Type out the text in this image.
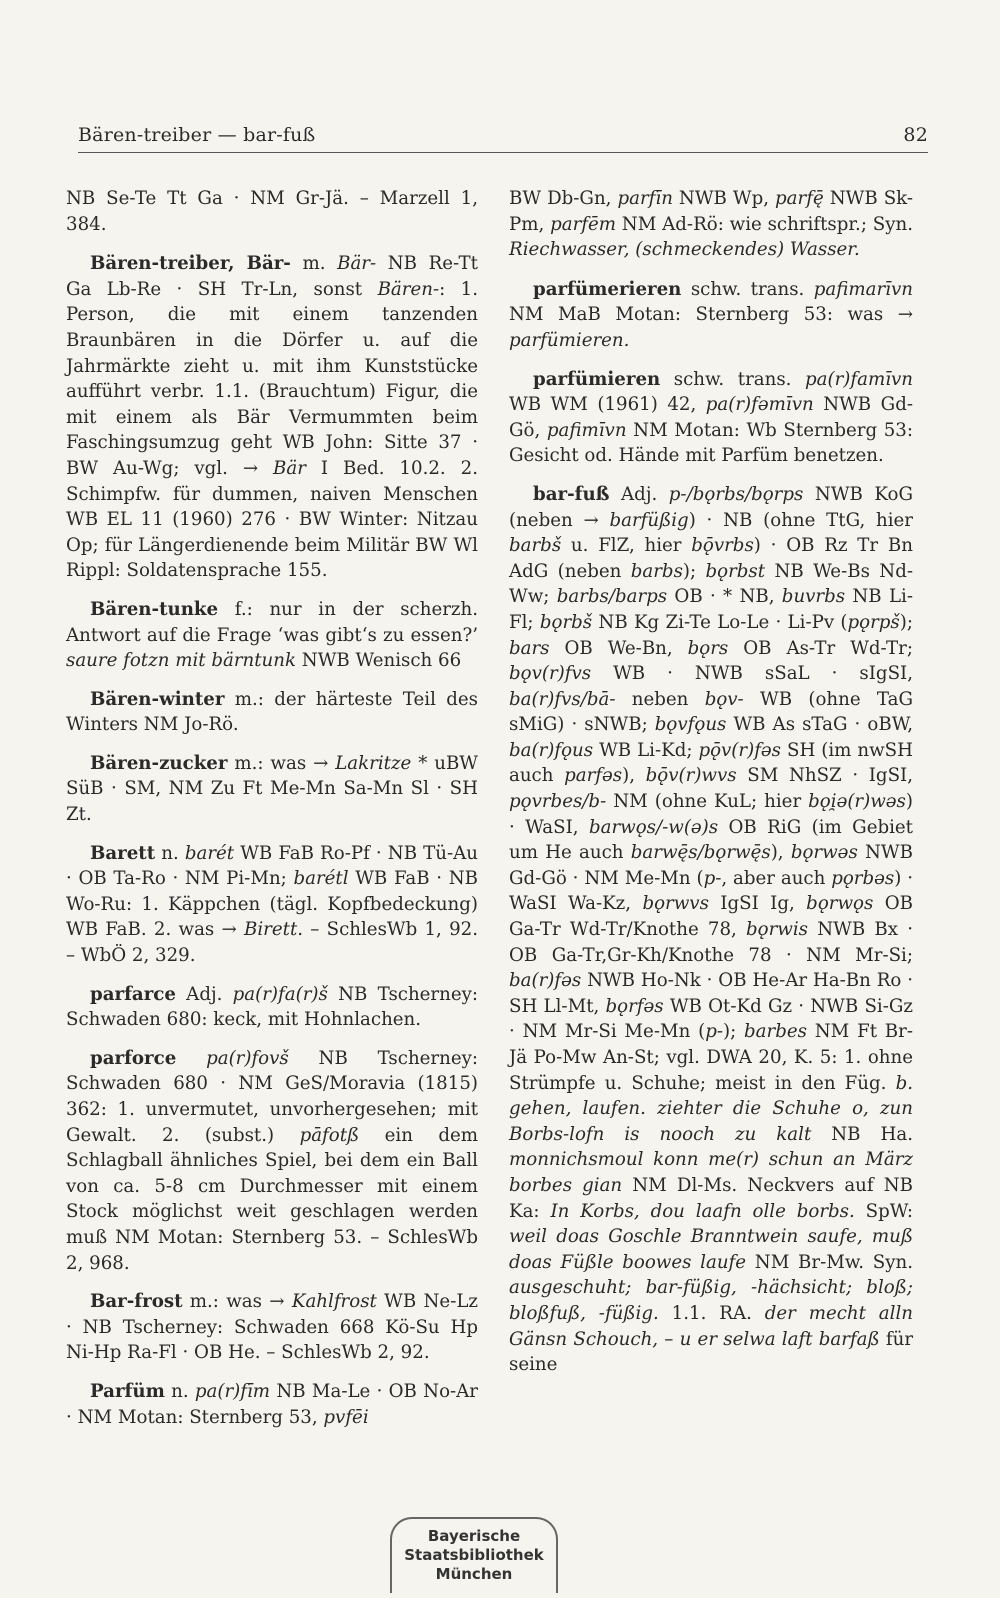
Bären-treiber — bar-fuß	82

NB Se-Te Tt Ga · NM Gr-Jä. – Marzell 1, 384.

Bären-treiber, Bär- m. Bär- NB Re-Tt Ga Lb-Re · SH Tr-Ln, sonst Bären-: 1. Person, die mit einem tanzenden Braunbären in die Dörfer u. auf die Jahrmärkte zieht u. mit ihm Kunststücke aufführt verbr. 1.1. (Brauchtum) Figur, die mit einem als Bär Vermummten beim Faschingsumzug geht WB John: Sitte 37 · BW Au-Wg; vgl. → Bär I Bed. 10.2. 2. Schimpfw. für dummen, naiven Menschen WB EL 11 (1960) 276 · BW Winter: Nitzau Op; für Längerdienende beim Militär BW Wl Rippl: Soldatensprache 155.

Bären-tunke f.: nur in der scherzh. Antwort auf die Frage ‘was gibt‘s zu essen?’ saure fotzn mit bärntunk NWB Wenisch 66

Bären-winter m.: der härteste Teil des Winters NM Jo-Rö.

Bären-zucker m.: was → Lakritze * uBW SüB · SM, NM Zu Ft Me-Mn Sa-Mn Sl · SH Zt.

Barett n. barét WB FaB Ro-Pf · NB Tü-Au · OB Ta-Ro · NM Pi-Mn; barétl WB FaB · NB Wo-Ru: 1. Käppchen (tägl. Kopfbedeckung) WB FaB. 2. was → Birett. – SchlesWb 1, 92. – WbÖ 2, 329.

parfarce Adj. pa(r)fa(r)š NB Tscherney: Schwaden 680: keck, mit Hohnlachen.

parforce pa(r)fovš NB Tscherney: Schwaden 680 · NM GeS/Moravia (1815) 362: 1. unvermutet, unvorhergesehen; mit Gewalt. 2. (subst.) pāfotß ein dem Schlagball ähnliches Spiel, bei dem ein Ball von ca. 5-8 cm Durchmesser mit einem Stock möglichst weit geschlagen werden muß NM Motan: Sternberg 53. – SchlesWb 2, 968.

Bar-frost m.: was → Kahlfrost WB Ne-Lz · NB Tscherney: Schwaden 668 Kö-Su Hp Ni-Hp Ra-Fl · OB He. – SchlesWb 2, 92.

Parfüm n. pa(r)fīm NB Ma-Le · OB No-Ar · NM Motan: Sternberg 53, pvfēi

BW Db-Gn, parfīn NWB Wp, parfę̄ NWB Sk-Pm, parfēm NM Ad-Rö: wie schriftspr.; Syn. Riechwasser, (schmeckendes) Wasser.

parfümerieren schw. trans. pafimarīvn NM MaB Motan: Sternberg 53: was → parfümieren.

parfümieren schw. trans. pa(r)famīvn WB WM (1961) 42, pa(r)fəmīvn NWB Gd-Gö, pafimīvn NM Motan: Wb Sternberg 53: Gesicht od. Hände mit Parfüm benetzen.

bar-fuß Adj. p-/bǫrbs/bǫrps NWB KoG (neben → barfüßig) · NB (ohne TtG, hier barbš u. FlZ, hier bǭvrbs) · OB Rz Tr Bn AdG (neben barbs); bǫrbst NB We-Bs Nd-Ww; barbs/barps OB · * NB, buvrbs NB Li-Fl; bǫrbš NB Kg Zi-Te Lo-Le · Li-Pv (pǫrpš); bars OB We-Bn, bǫrs OB As-Tr Wd-Tr; bǫv(r)fvs WB · NWB sSaL · sIgSI, ba(r)fvs/bā- neben bǫv- WB (ohne TaG sMiG) · sNWB; bǫvfǫus WB As sTaG · oBW, ba(r)fǫus WB Li-Kd; pǭv(r)fəs SH (im nwSH auch parfəs), bǭv(r)wvs SM NhSZ · IgSI, pǫvrbes/b- NM (ohne KuL; hier bǫi̯ə(r)wəs) · WaSI, barwǫs/-w(ə)s OB RiG (im Gebiet um He auch barwę̄s/bǫrwę̄s), bǫrwəs NWB Gd-Gö · NM Me-Mn (p-, aber auch pǫrbəs) · WaSI Wa-Kz, bǫrwvs IgSI Ig, bǫrwǫs OB Ga-Tr Wd-Tr/Knothe 78, bǫrwis NWB Bx · OB Ga-Tr,Gr-Kh/Knothe 78 · NM Mr-Si; ba(r)fəs NWB Ho-Nk · OB He-Ar Ha-Bn Ro · SH Ll-Mt, bǫrfəs WB Ot-Kd Gz · NWB Si-Gz · NM Mr-Si Me-Mn (p-); barbes NM Ft Br-Jä Po-Mw An-St; vgl. DWA 20, K. 5: 1. ohne Strümpfe u. Schuhe; meist in den Füg. b. gehen, laufen. ziehter die Schuhe o, zun Borbs-lofn is nooch zu kalt NB Ha. monnichsmoul konn me(r) schun an März borbes gian NM Dl-Ms. Neckvers auf NB Ka: In Korbs, dou laafn olle borbs. SpW: weil doas Goschle Branntwein saufe, muß doas Füßle boowes laufe NM Br-Mw. Syn. ausgeschuht; bar-füßig, -hächsicht; bloß; bloßfuß, -füßig. 1.1. RA. der mecht alln Gänsn Schouch, – u er selwa laft barfaß für seine

Bayerische
Staatsbibliothek
München
